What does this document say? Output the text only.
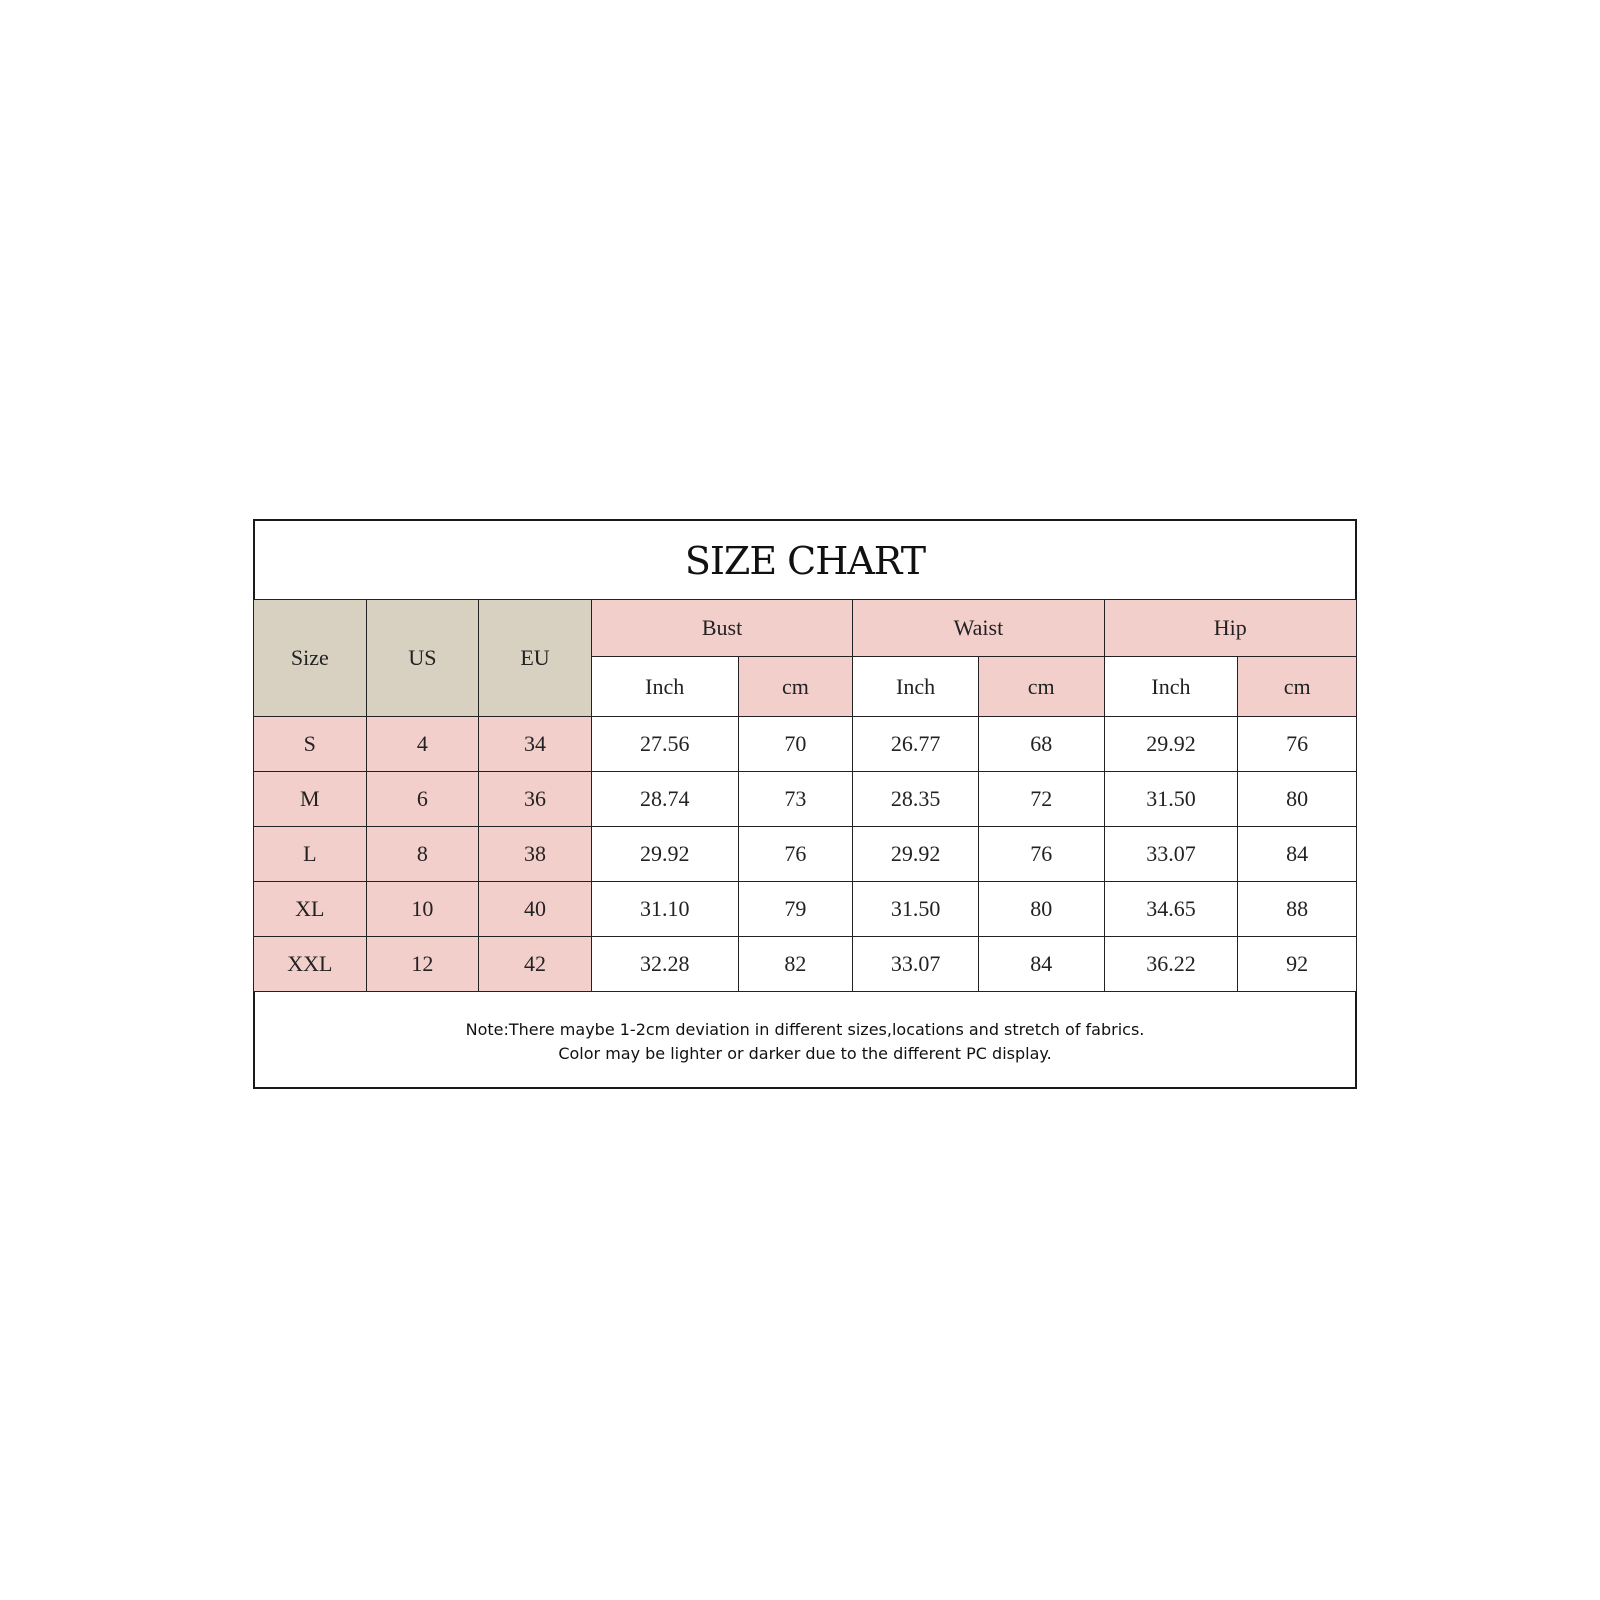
SIZE CHART
Size	US	EU	Bust		Waist		Hip	
			Inch	cm	Inch	cm	Inch	cm
S	4	34	27.56	70	26.77	68	29.92	76
M	6	36	28.74	73	28.35	72	31.50	80
L	8	38	29.92	76	29.92	76	33.07	84
XL	10	40	31.10	79	31.50	80	34.65	88
XXL	12	42	32.28	82	33.07	84	36.22	92
Note:There maybe 1-2cm deviation in different sizes,locations and stretch of fabrics.
Color may be lighter or darker due to the different PC display.
